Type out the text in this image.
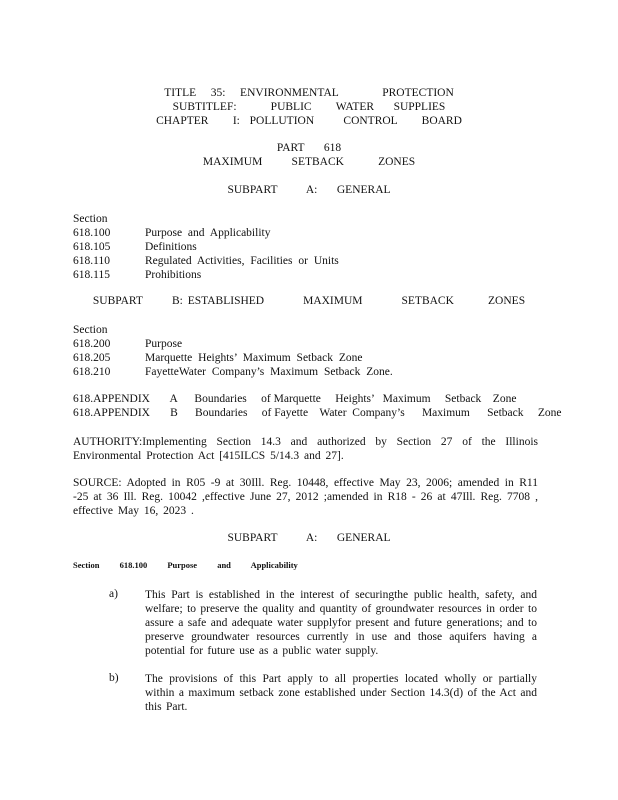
TITLE   35:   ENVIRONMENTAL         PROTECTION
SUBTITLEF:       PUBLIC     WATER    SUPPLIES
CHAPTER     I:  POLLUTION      CONTROL     BOARD
PART    618
MAXIMUM      SETBACK       ZONES
SUBPART      A:    GENERAL
Section
618.100	Purpose and Applicability
618.105	Definitions
618.110	Regulated Activities, Facilities or Units
618.115	Prohibitions
SUBPART      B: ESTABLISHED        MAXIMUM        SETBACK       ZONES
Section
618.200	Purpose
618.205	Marquette Heights’ Maximum Setback Zone
618.210	FayetteWater Company’s Maximum Setback Zone.
618.APPENDIX       A      Boundaries     of Marquette     Heights’   Maximum     Setback    Zone
618.APPENDIX       B      Boundaries     of Fayette    Water  Company’s      Maximum      Setback     Zone
AUTHORITY:Implementing Section 14.3 and authorized by Section 27 of the Illinois Environmental Protection Act [415ILCS 5/14.3 and 27].
SOURCE: Adopted in R05 -9 at 30Ill. Reg. 10448, effective May 23, 2006; amended in R11 -25 at 36 Ill. Reg. 10042 ,effective June 27, 2012 ;amended in R18 - 26 at 47Ill. Reg. 7708 , effective May 16, 2023 .
SUBPART      A:    GENERAL
Section 618.100 Purpose and Applicability
a) This Part is established in the interest of securingthe public health, safety, and welfare; to preserve the quality and quantity of groundwater resources in order to assure a safe and adequate water supplyfor present and future generations; and to preserve groundwater resources currently in use and those aquifers having a potential for future use as a public water supply.
b) The provisions of this Part apply to all properties located wholly or partially within a maximum setback zone established under Section 14.3(d) of the Act and this Part.
